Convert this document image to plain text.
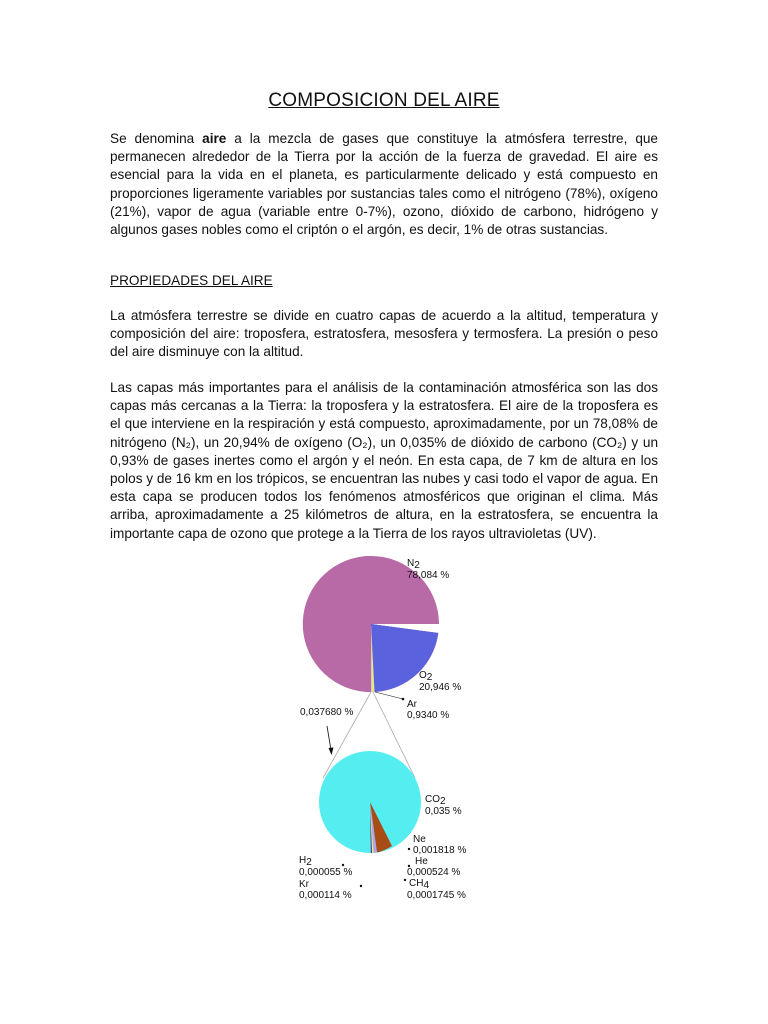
COMPOSICION DEL AIRE

Se denomina aire a la mezcla de gases que constituye la atmósfera terrestre, que permanecen alrededor de la Tierra por la acción de la fuerza de gravedad. El aire es esencial para la vida en el planeta, es particularmente delicado y está compuesto en proporciones ligeramente variables por sustancias tales como el nitrógeno (78%), oxígeno (21%), vapor de agua (variable entre 0-7%), ozono, dióxido de carbono, hidrógeno y algunos gases nobles como el criptón o el argón, es decir, 1% de otras sustancias.

PROPIEDADES DEL AIRE

La atmósfera terrestre se divide en cuatro capas de acuerdo a la altitud, temperatura y composición del aire: troposfera, estratosfera, mesosfera y termosfera. La presión o peso del aire disminuye con la altitud.

Las capas más importantes para el análisis de la contaminación atmosférica son las dos capas más cercanas a la Tierra: la troposfera y la estratosfera. El aire de la troposfera es el que interviene en la respiración y está compuesto, aproximadamente, por un 78,08% de nitrógeno (N₂), un 20,94% de oxígeno (O₂), un 0,035% de dióxido de carbono (CO₂) y un 0,93% de gases inertes como el argón y el neón. En esta capa, de 7 km de altura en los polos y de 16 km en los trópicos, se encuentran las nubes y casi todo el vapor de agua. En esta capa se producen todos los fenómenos atmosféricos que originan el clima. Más arriba, aproximadamente a 25 kilómetros de altura, en la estratosfera, se encuentra la importante capa de ozono que protege a la Tierra de los rayos ultravioletas (UV).

N2
78,084 %
O2
20,946 %
Ar
0,9340 %
0,037680 %
CO2
0,035 %
Ne
0,001818 %
He
0,000524 %
CH4
0,0001745 %
H2
0,000055 %
Kr
0,000114 %
